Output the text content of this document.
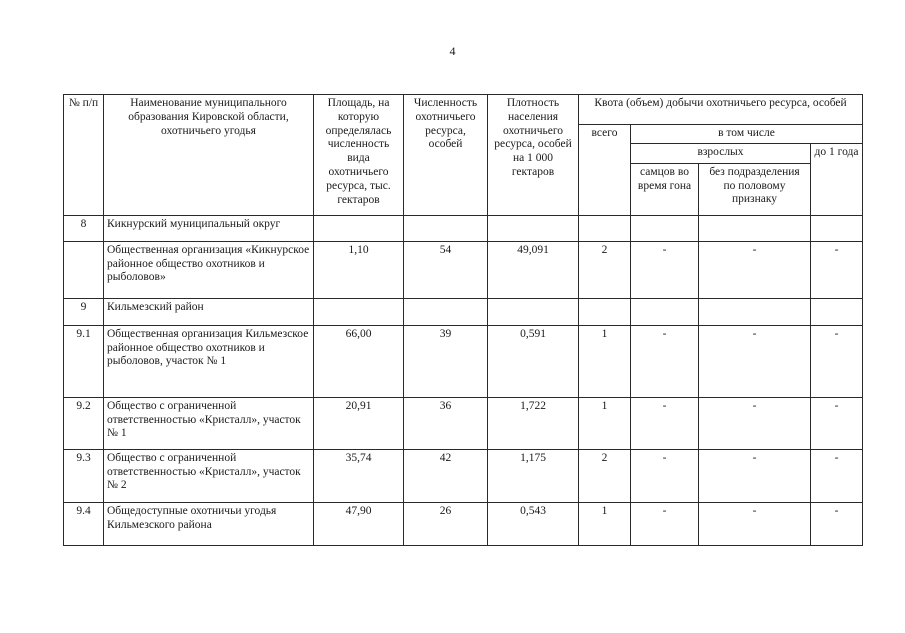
4
№ п/п	Наименование муниципального образования Кировской области, охотничьего угодья	Площадь, на которую определялась численность вида охотничьего ресурса, тыс. гектаров	Численность охотничьего ресурса, особей	Плотность населения охотничьего ресурса, особей на 1 000 гектаров	Квота (объем) добычи охотничьего ресурса, особей			
					всего	в том числе		
						взрослых		до 1 года
						самцов во время гона	без подразделения по половому признаку	
8	Кикнурский муниципальный округ							
	Общественная организация «Кикнурское районное общество охотников и рыболовов»	1,10	54	49,091	2	-	-	-
9	Кильмезский район							
9.1	Общественная организация Кильмезское районное общество охотников и рыболовов, участок № 1	66,00	39	0,591	1	-	-	-
9.2	Общество с ограниченной ответственностью «Кристалл», участок № 1	20,91	36	1,722	1	-	-	-
9.3	Общество с ограниченной ответственностью «Кристалл», участок № 2	35,74	42	1,175	2	-	-	-
9.4	Общедоступные охотничьи угодья Кильмезского района	47,90	26	0,543	1	-	-	-
